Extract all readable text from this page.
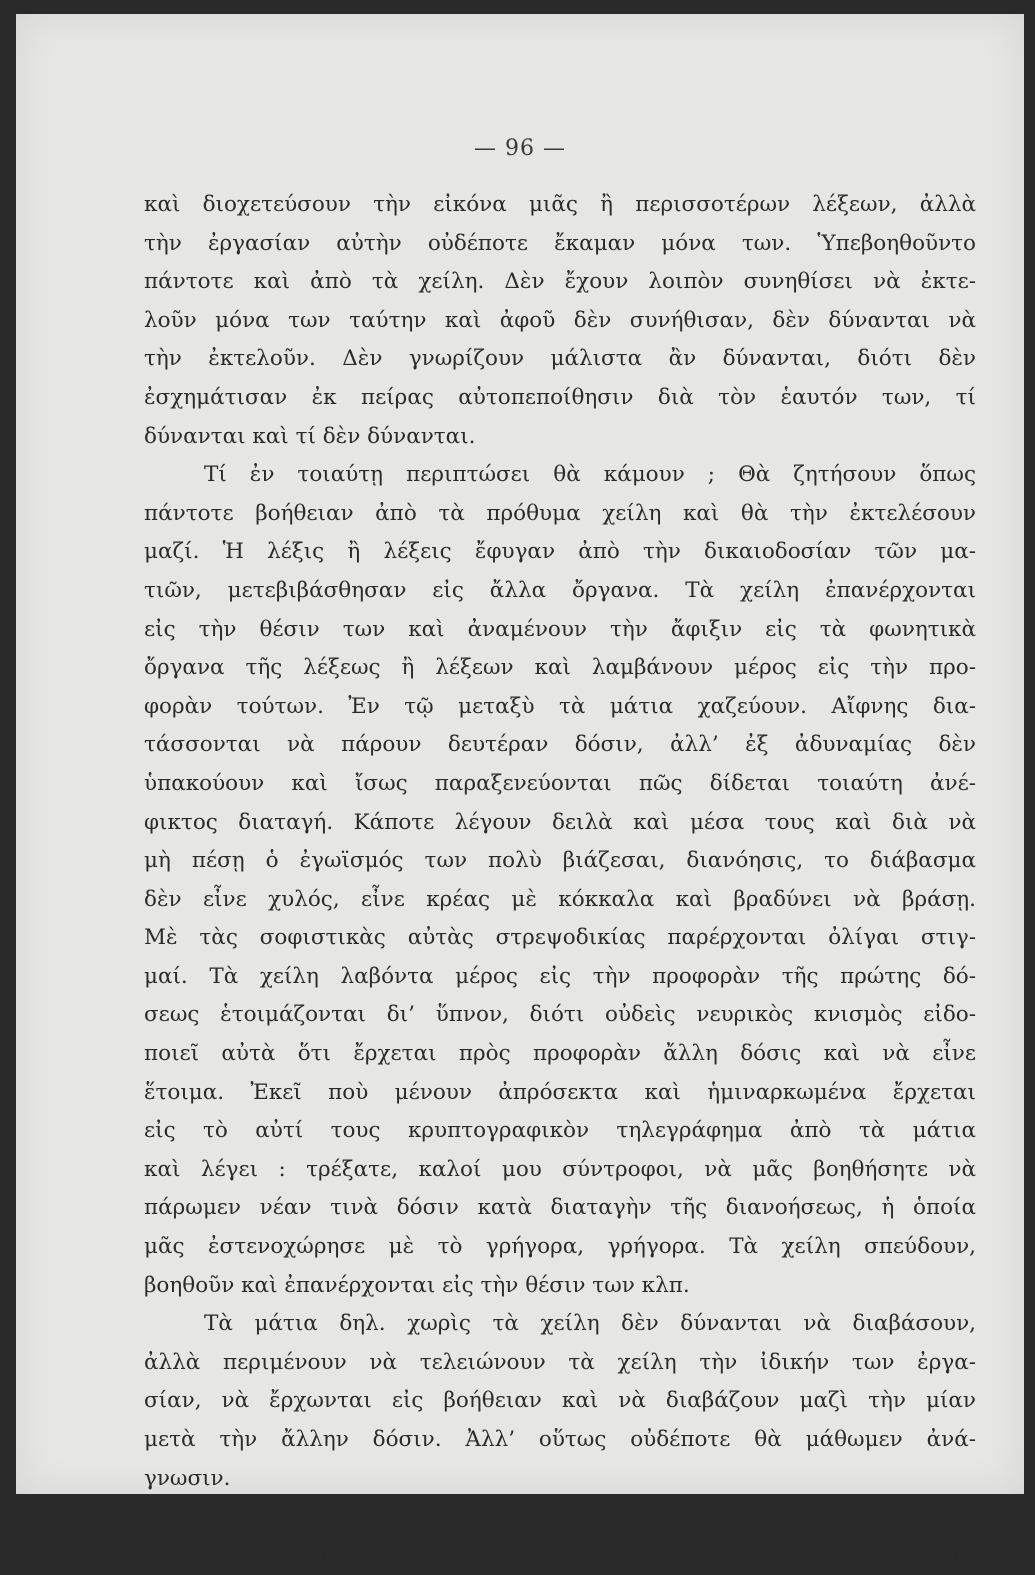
— 96 —
καὶ διοχετεύσουν τὴν εἰκόνα μιᾶς ἢ περισσοτέρων λέξεων, ἀλλὰ
τὴν ἐργασίαν αὐτὴν οὐδέποτε ἔκαμαν μόνα των. Ὑπεβοηθοῦντο
πάντοτε καὶ ἀπὸ τὰ χείλη. Δὲν ἔχουν λοιπὸν συνηθίσει νὰ ἐκτε-
λοῦν μόνα των ταύτην καὶ ἀφοῦ δὲν συνήθισαν, δὲν δύνανται νὰ
τὴν ἐκτελοῦν. Δὲν γνωρίζουν μάλιστα ἂν δύνανται, διότι δὲν
ἐσχημάτισαν ἐκ πείρας αὐτοπεποίθησιν διὰ τὸν ἑαυτόν των, τί
δύνανται καὶ τί δὲν δύνανται.
Τί ἐν τοιαύτῃ περιπτώσει θὰ κάμουν ; Θὰ ζητήσουν ὅπως
πάντοτε βοήθειαν ἀπὸ τὰ πρόθυμα χείλη καὶ θὰ τὴν ἐκτελέσουν
μαζί. Ἡ λέξις ἢ λέξεις ἔφυγαν ἀπὸ τὴν δικαιοδοσίαν τῶν μα-
τιῶν, μετεβιβάσθησαν εἰς ἄλλα ὄργανα. Τὰ χείλη ἐπανέρχονται
εἰς τὴν θέσιν των καὶ ἀναμένουν τὴν ἄφιξιν εἰς τὰ φωνητικὰ
ὄργανα τῆς λέξεως ἢ λέξεων καὶ λαμβάνουν μέρος εἰς τὴν προ-
φορὰν τούτων. Ἐν τῷ μεταξὺ τὰ μάτια χαζεύουν. Αἴφνης δια-
τάσσονται νὰ πάρουν δευτέραν δόσιν, ἀλλ’ ἐξ ἀδυναμίας δὲν
ὑπακούουν καὶ ἴσως παραξενεύονται πῶς δίδεται τοιαύτη ἀνέ-
φικτος διαταγή. Κάποτε λέγουν δειλὰ καὶ μέσα τους καὶ διὰ νὰ
μὴ πέσῃ ὁ ἐγωϊσμός των πολὺ βιάζεσαι, διανόησις, το διάβασμα
δὲν εἶνε χυλός, εἶνε κρέας μὲ κόκκαλα καὶ βραδύνει νὰ βράσῃ.
Μὲ τὰς σοφιστικὰς αὐτὰς στρεψοδικίας παρέρχονται ὀλίγαι στιγ-
μαί. Τὰ χείλη λαβόντα μέρος εἰς τὴν προφορὰν τῆς πρώτης δό-
σεως ἑτοιμάζονται δι’ ὕπνον, διότι οὐδεὶς νευρικὸς κνισμὸς εἰδο-
ποιεῖ αὐτὰ ὅτι ἔρχεται πρὸς προφορὰν ἄλλη δόσις καὶ νὰ εἶνε
ἕτοιμα. Ἐκεῖ ποὺ μένουν ἀπρόσεκτα καὶ ἡμιναρκωμένα ἔρχεται
εἰς τὸ αὐτί τους κρυπτογραφικὸν τηλεγράφημα ἀπὸ τὰ μάτια
καὶ λέγει : τρέξατε, καλοί μου σύντροφοι, νὰ μᾶς βοηθήσητε νὰ
πάρωμεν νέαν τινὰ δόσιν κατὰ διαταγὴν τῆς διανοήσεως, ἡ ὁποία
μᾶς ἐστενοχώρησε μὲ τὸ γρήγορα, γρήγορα. Τὰ χείλη σπεύδουν,
βοηθοῦν καὶ ἐπανέρχονται εἰς τὴν θέσιν των κλπ.
Τὰ μάτια δηλ. χωρὶς τὰ χείλη δὲν δύνανται νὰ διαβάσουν,
ἀλλὰ περιμένουν νὰ τελειώνουν τὰ χείλη τὴν ἰδικήν των ἐργα-
σίαν, νὰ ἔρχωνται εἰς βοήθειαν καὶ νὰ διαβάζουν μαζὶ τὴν μίαν
μετὰ τὴν ἄλλην δόσιν. Ἀλλ’ οὕτως οὐδέποτε θὰ μάθωμεν ἀνά-
γνωσιν.
Εἶνε ἀληθὲς ὅτι ἡ κατὰ τοιοῦτον τρόπον ἀνάγνωσις μηχανο-
ποιεῖται βραδύτερον τόσον, ὥστε διέρχεται ἀπαρατήρητος ἀπὸ
